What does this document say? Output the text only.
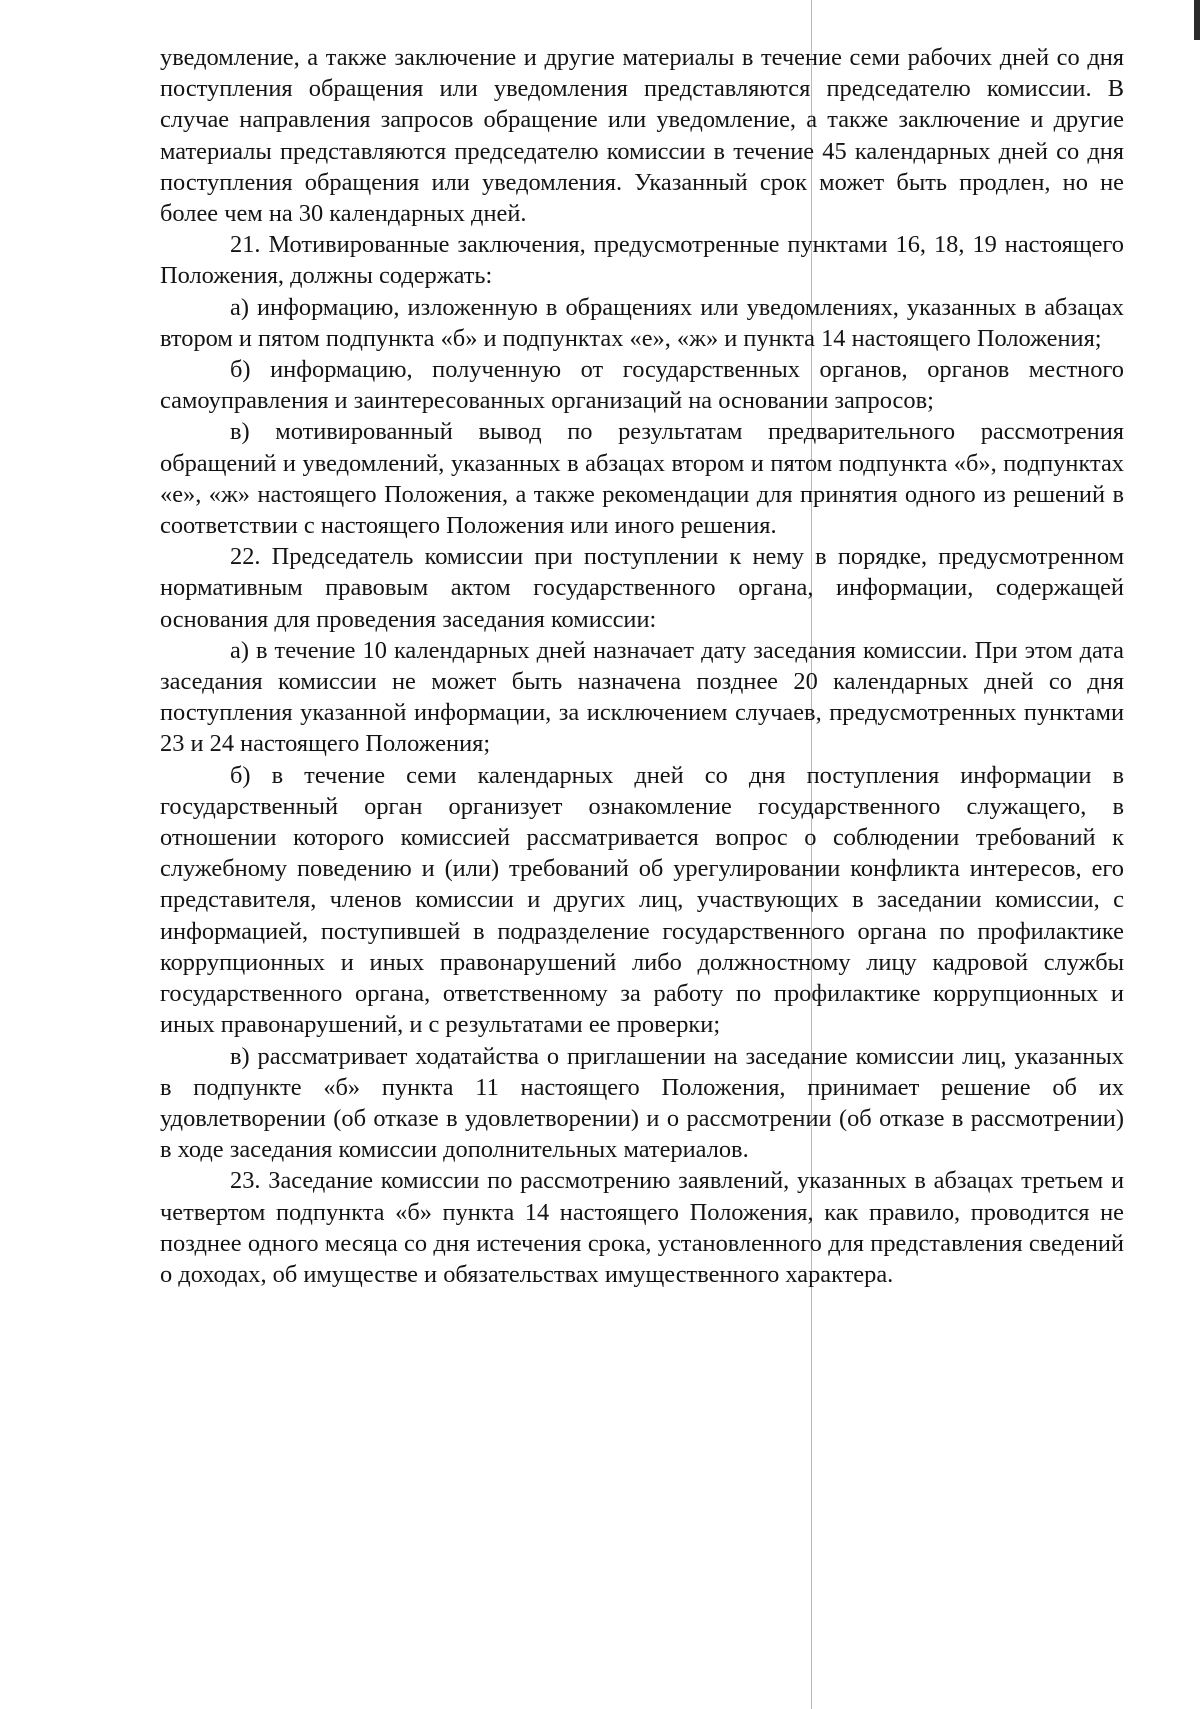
уведомление, а также заключение и другие материалы в течение семи рабочих дней со дня поступления обращения или уведомления представляются председателю комиссии. В случае направления запросов обращение или уведомление, а также заключение и другие материалы представляются председателю комиссии в течение 45 календарных дней со дня поступления обращения или уведомления. Указанный срок может быть продлен, но не более чем на 30 календарных дней.

21. Мотивированные заключения, предусмотренные пунктами 16, 18, 19 настоящего Положения, должны содержать:

а) информацию, изложенную в обращениях или уведомлениях, указанных в абзацах втором и пятом подпункта «б» и подпунктах «е», «ж» и пункта 14 настоящего Положения;

б) информацию, полученную от государственных органов, органов местного самоуправления и заинтересованных организаций на основании запросов;

в) мотивированный вывод по результатам предварительного рассмотрения обращений и уведомлений, указанных в абзацах втором и пятом подпункта «б», подпунктах «е», «ж» настоящего Положения, а также рекомендации для принятия одного из решений в соответствии с настоящего Положения или иного решения.

22. Председатель комиссии при поступлении к нему в порядке, предусмотренном нормативным правовым актом государственного органа, информации, содержащей основания для проведения заседания комиссии:

а) в течение 10 календарных дней назначает дату заседания комиссии. При этом дата заседания комиссии не может быть назначена позднее 20 календарных дней со дня поступления указанной информации, за исключением случаев, предусмотренных пунктами 23 и 24 настоящего Положения;

б) в течение семи календарных дней со дня поступления информации в государственный орган организует ознакомление государственного служащего, в отношении которого комиссией рассматривается вопрос о соблюдении требований к служебному поведению и (или) требований об урегулировании конфликта интересов, его представителя, членов комиссии и других лиц, участвующих в заседании комиссии, с информацией, поступившей в подразделение государственного органа по профилактике коррупционных и иных правонарушений либо должностному лицу кадровой службы государственного органа, ответственному за работу по профилактике коррупционных и иных правонарушений, и с результатами ее проверки;

в) рассматривает ходатайства о приглашении на заседание комиссии лиц, указанных в подпункте «б» пункта 11 настоящего Положения, принимает решение об их удовлетворении (об отказе в удовлетворении) и о рассмотрении (об отказе в рассмотрении) в ходе заседания комиссии дополнительных материалов.

23. Заседание комиссии по рассмотрению заявлений, указанных в абзацах третьем и четвертом подпункта «б» пункта 14 настоящего Положения, как правило, проводится не позднее одного месяца со дня истечения срока, установленного для представления сведений о доходах, об имуществе и обязательствах имущественного характера.
